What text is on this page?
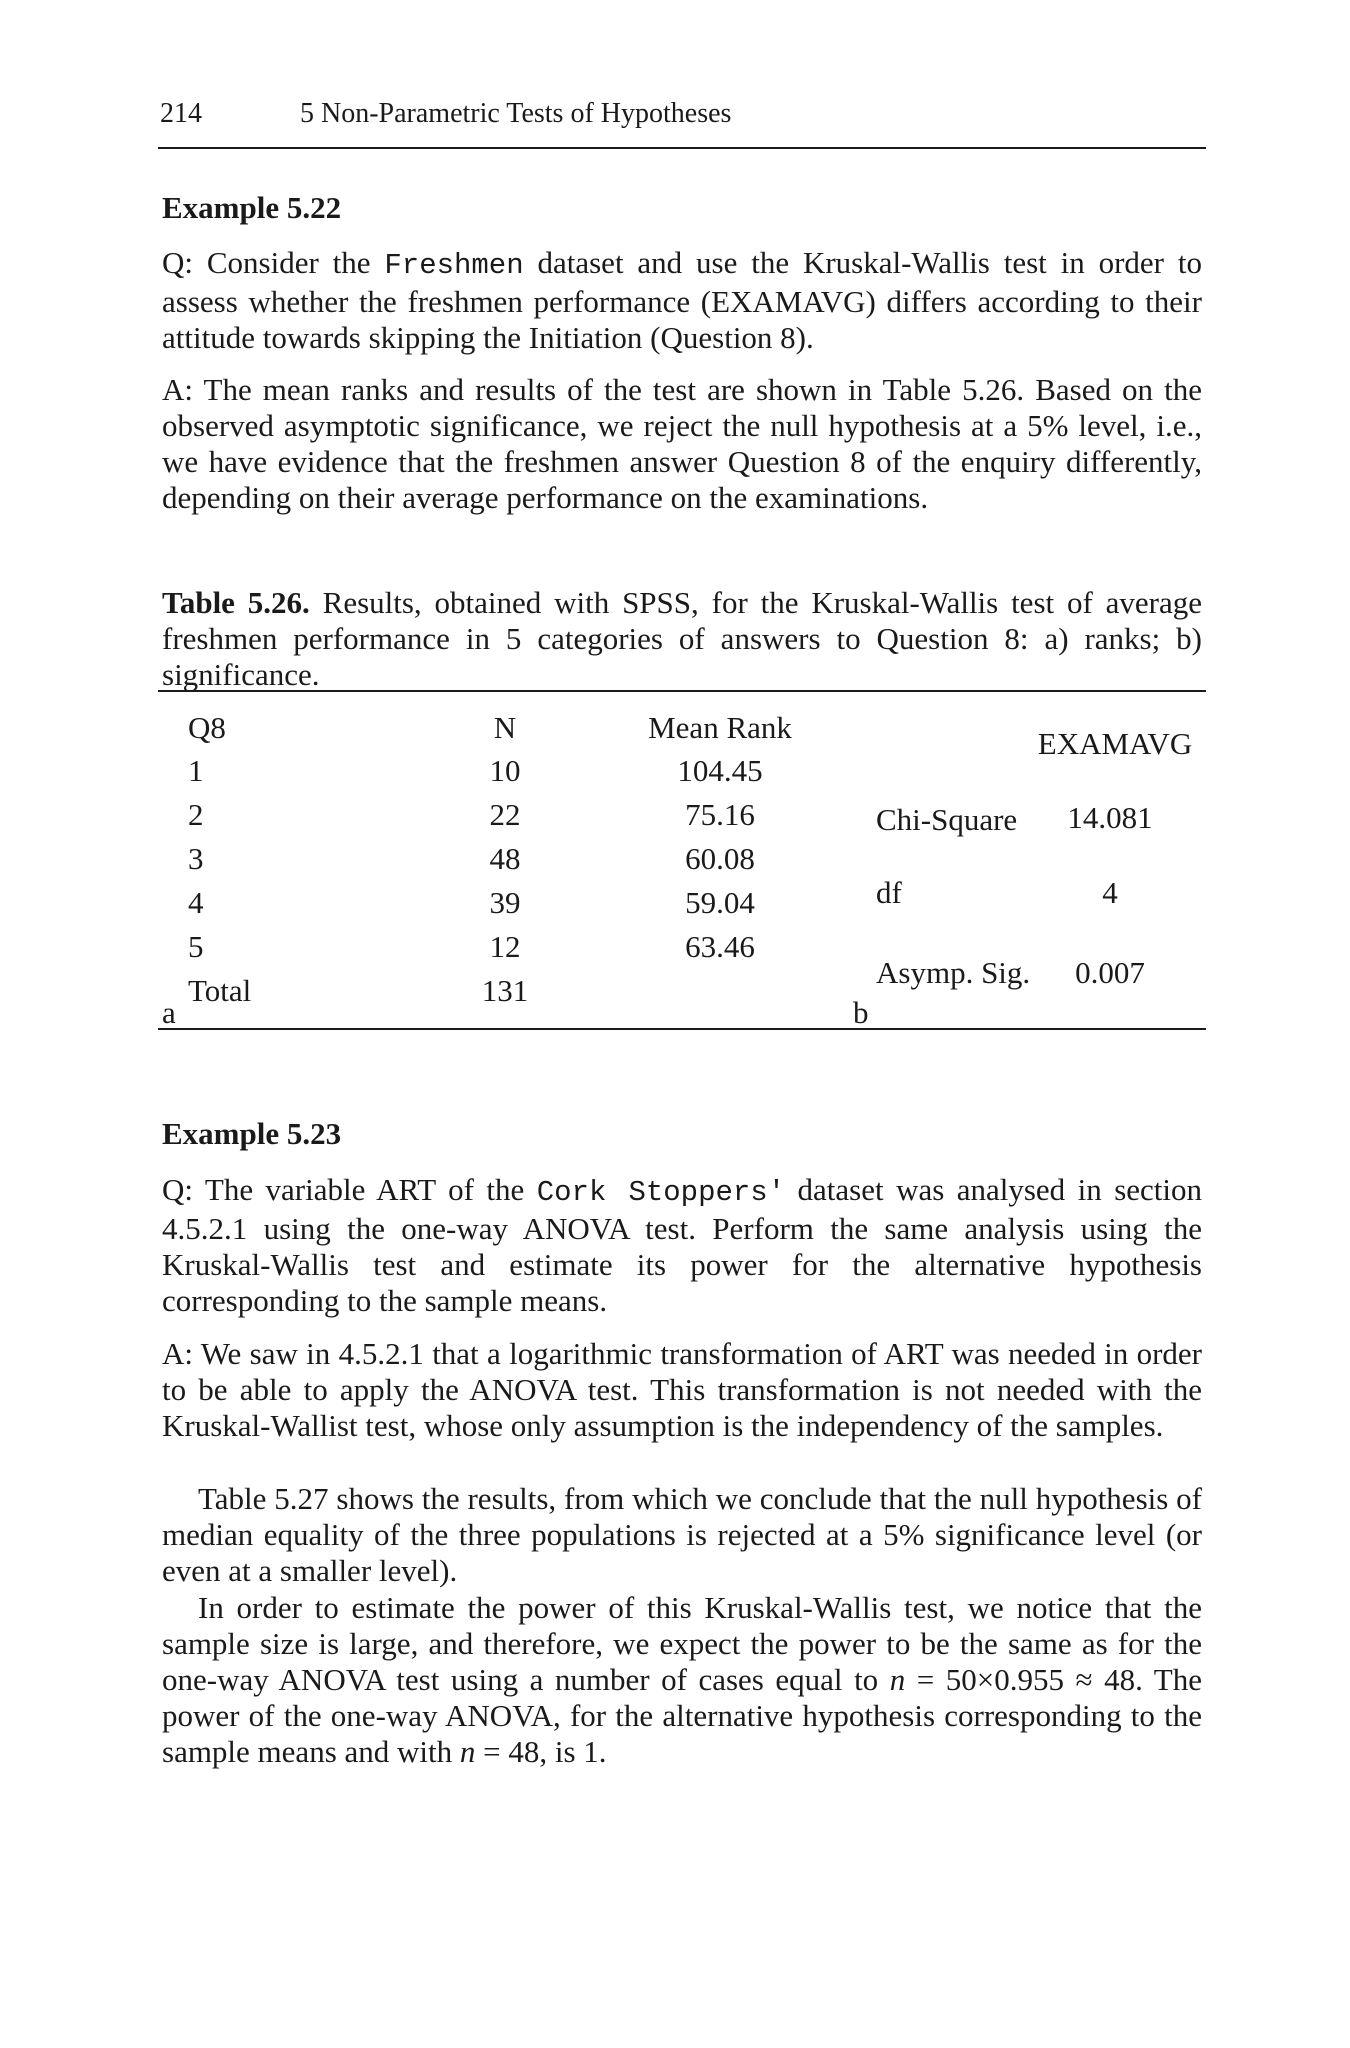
214	5 Non-Parametric Tests of Hypotheses
Example 5.22
Q: Consider the Freshmen dataset and use the Kruskal-Wallis test in order to assess whether the freshmen performance (EXAMAVG) differs according to their attitude towards skipping the Initiation (Question 8).
A: The mean ranks and results of the test are shown in Table 5.26. Based on the observed asymptotic significance, we reject the null hypothesis at a 5% level, i.e., we have evidence that the freshmen answer Question 8 of the enquiry differently, depending on their average performance on the examinations.
Table 5.26. Results, obtained with SPSS, for the Kruskal-Wallis test of average freshmen performance in 5 categories of answers to Question 8: a) ranks; b) significance.
Q8	N	Mean Rank
1	10	104.45
2	22	75.16
3	48	60.08
4	39	59.04
5	12	63.46
Total	131
a
EXAMAVG
Chi-Square	14.081
df	4
Asymp. Sig.	0.007
b
Example 5.23
Q: The variable ART of the Cork Stoppers' dataset was analysed in section 4.5.2.1 using the one-way ANOVA test. Perform the same analysis using the Kruskal-Wallis test and estimate its power for the alternative hypothesis corresponding to the sample means.
A: We saw in 4.5.2.1 that a logarithmic transformation of ART was needed in order to be able to apply the ANOVA test. This transformation is not needed with the Kruskal-Wallist test, whose only assumption is the independency of the samples.
Table 5.27 shows the results, from which we conclude that the null hypothesis of median equality of the three populations is rejected at a 5% significance level (or even at a smaller level).
In order to estimate the power of this Kruskal-Wallis test, we notice that the sample size is large, and therefore, we expect the power to be the same as for the one-way ANOVA test using a number of cases equal to n = 50×0.955 ≈ 48. The power of the one-way ANOVA, for the alternative hypothesis corresponding to the sample means and with n = 48, is 1.
